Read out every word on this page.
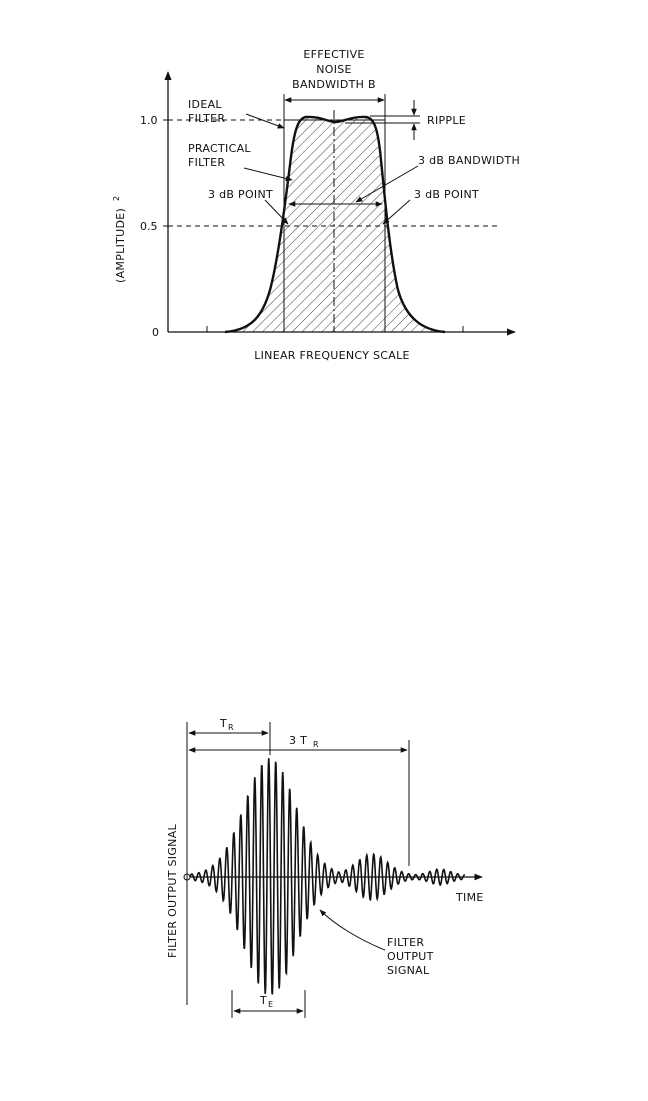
1.0
0.5
0
(AMPLITUDE)
2
EFFECTIVE
NOISE
BANDWIDTH B
IDEAL
FILTER
PRACTICAL
FILTER
RIPPLE
3 dB BANDWIDTH
3 dB POINT	3 dB POINT
LINEAR FREQUENCY SCALE
FILTER
OUTPUT
SIGNAL
T R
3 T R
T E
TIME
FILTER OUTPUT SIGNAL
